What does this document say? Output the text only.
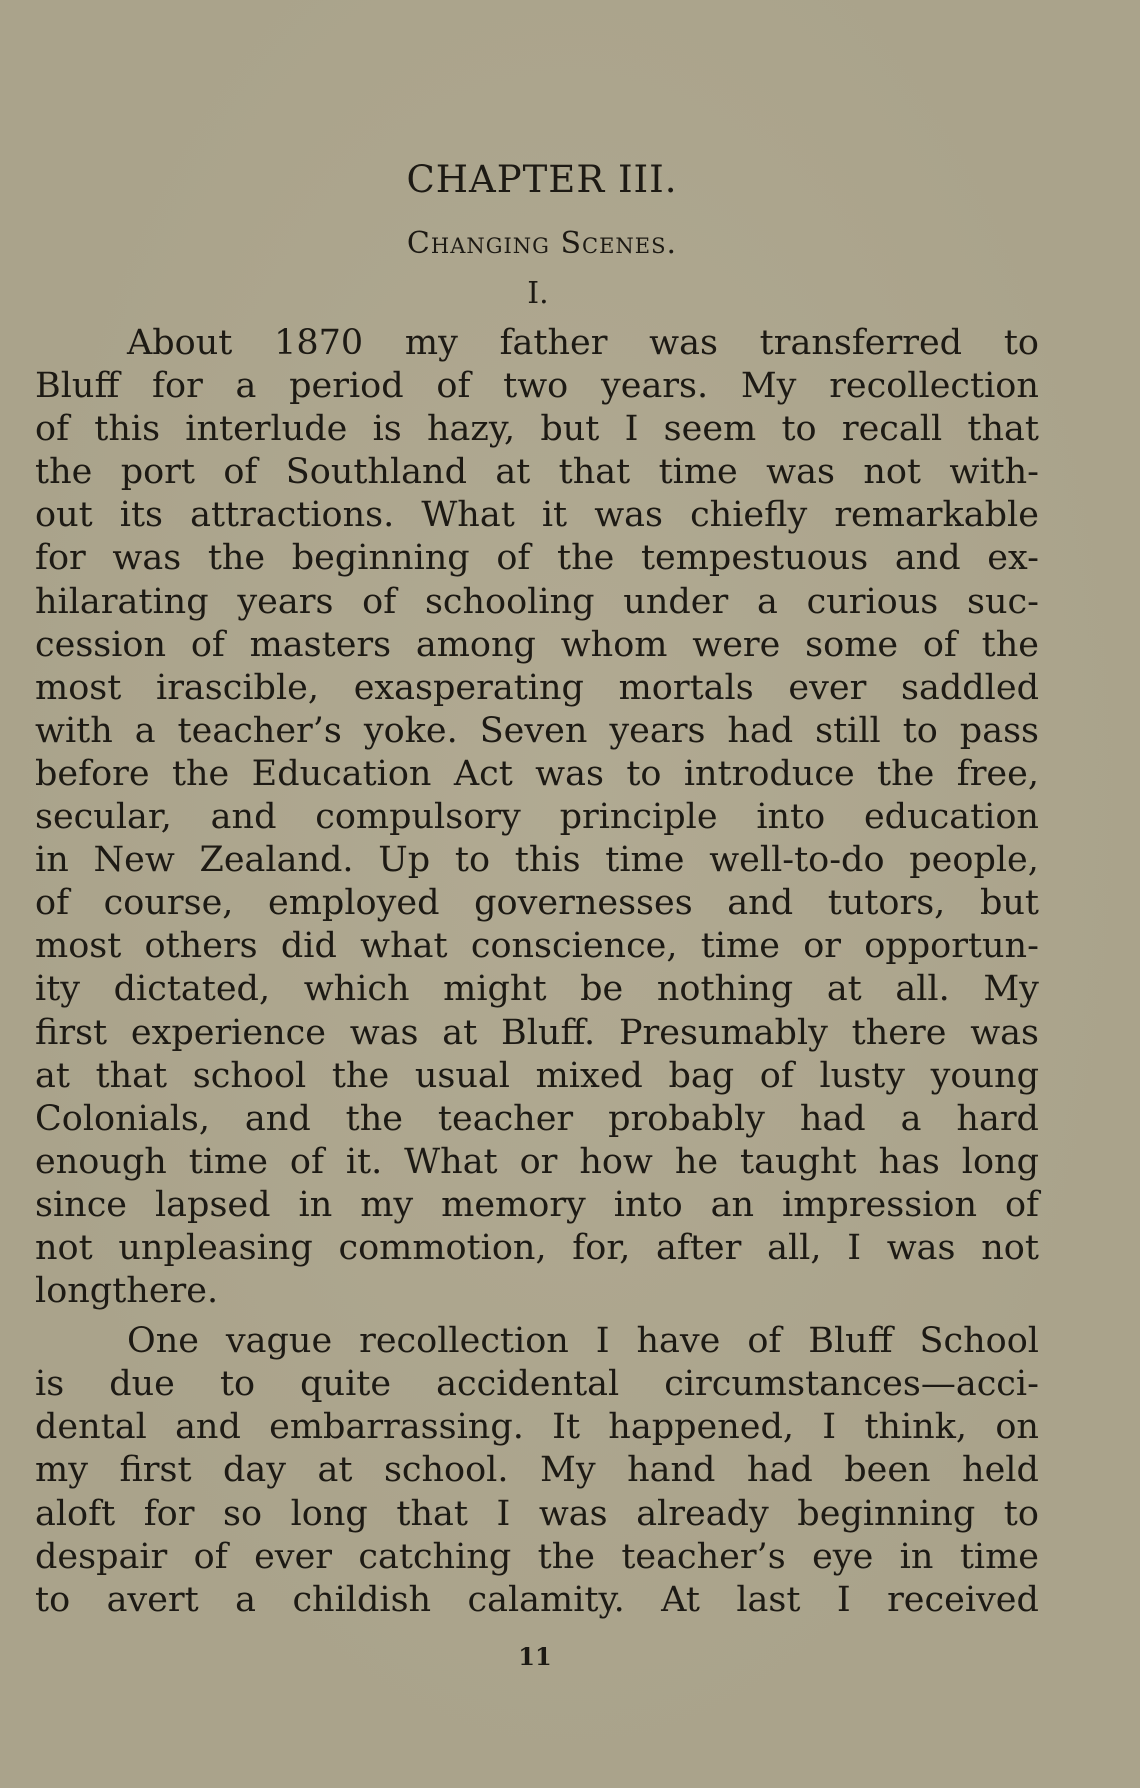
CHAPTER III.
Changing Scenes.
I.
About 1870 my father was transferred to
Bluff for a period of two years. My recollection
of this interlude is hazy, but I seem to recall that
the port of Southland at that time was not with-
out its attractions. What it was chiefly remarkable
for was the beginning of the tempestuous and ex-
hilarating years of schooling under a curious suc-
cession of masters among whom were some of the
most irascible, exasperating mortals ever saddled
with a teacher’s yoke. Seven years had still to pass
before the Education Act was to introduce the free,
secular, and compulsory principle into education
in New Zealand. Up to this time well-to-do people,
of course, employed governesses and tutors, but
most others did what conscience, time or opportun-
ity dictated, which might be nothing at all. My
first experience was at Bluff. Presumably there was
at that school the usual mixed bag of lusty young
Colonials, and the teacher probably had a hard
enough time of it. What or how he taught has long
since lapsed in my memory into an impression of
not unpleasing commotion, for, after all, I was not
long there.
One vague recollection I have of Bluff School
is due to quite accidental circumstances—acci-
dental and embarrassing. It happened, I think, on
my first day at school. My hand had been held
aloft for so long that I was already beginning to
despair of ever catching the teacher’s eye in time
to avert a childish calamity. At last I received
11
